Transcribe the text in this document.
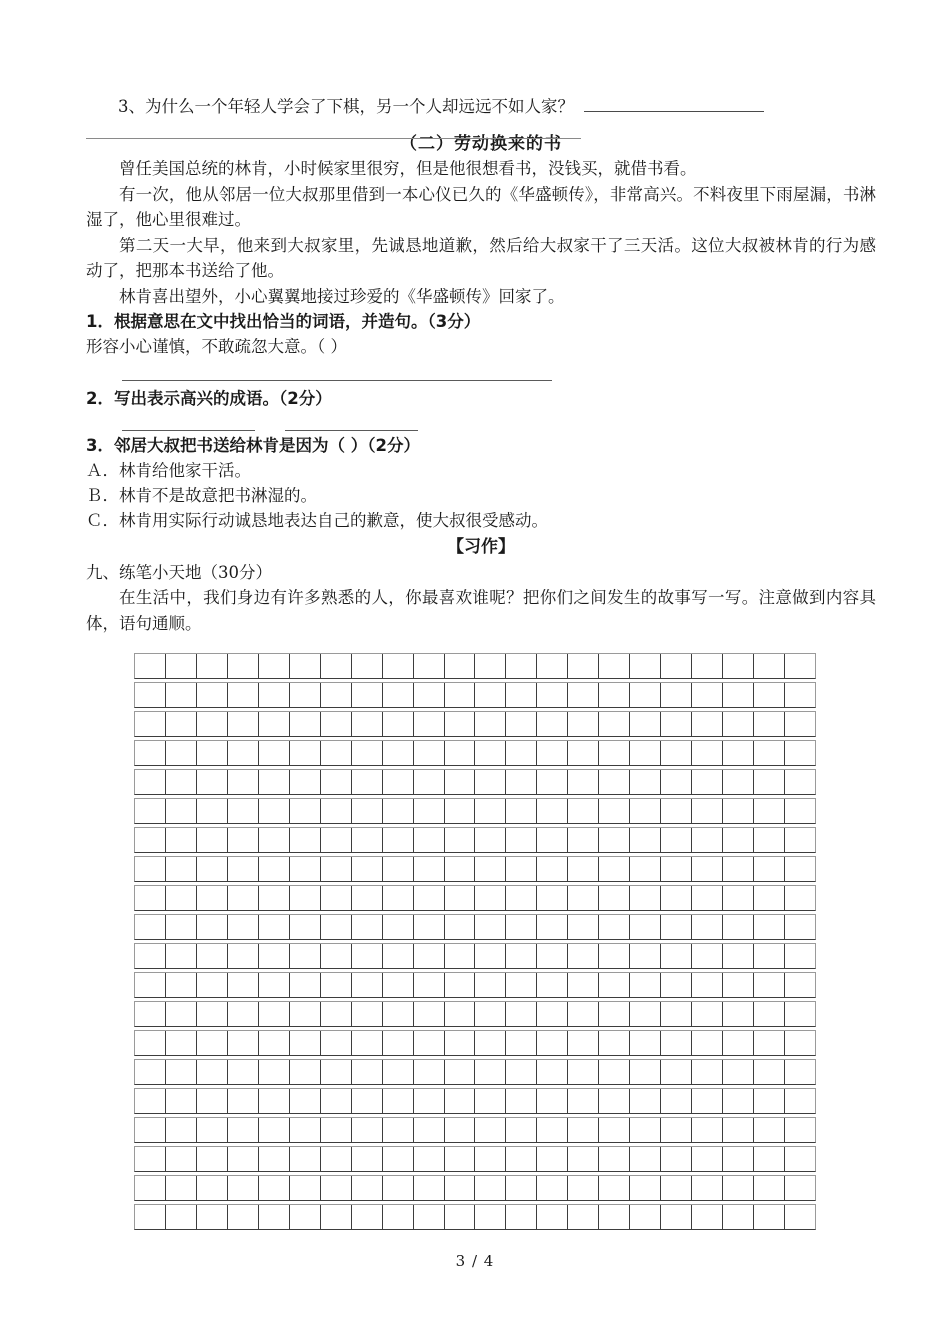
3、为什么一个年轻人学会了下棋，另一个人却远远不如人家？
（二）劳动换来的书

曾任美国总统的林肯，小时候家里很穷，但是他很想看书，没钱买，就借书看。

有一次，他从邻居一位大叔那里借到一本心仪已久的《华盛顿传》，非常高兴。不料夜里下雨屋漏，书淋湿了，他心里很难过。

第二天一大早，他来到大叔家里，先诚恳地道歉，然后给大叔家干了三天活。这位大叔被林肯的行为感动了，把那本书送给了他。

林肯喜出望外，小心翼翼地接过珍爱的《华盛顿传》回家了。

1．根据意思在文中找出恰当的词语，并造句。（3分）

形容小心谨慎，不敢疏忽大意。（ ）

2．写出表示高兴的成语。（2分）

3．邻居大叔把书送给林肯是因为（ ）（2分）

Ａ．林肯给他家干活。

Ｂ．林肯不是故意把书淋湿的。

Ｃ．林肯用实际行动诚恳地表达自己的歉意，使大叔很受感动。

【习作】

九、练笔小天地（30分）

在生活中，我们身边有许多熟悉的人，你最喜欢谁呢？把你们之间发生的故事写一写。注意做到内容具体，语句通顺。

3 / 4
